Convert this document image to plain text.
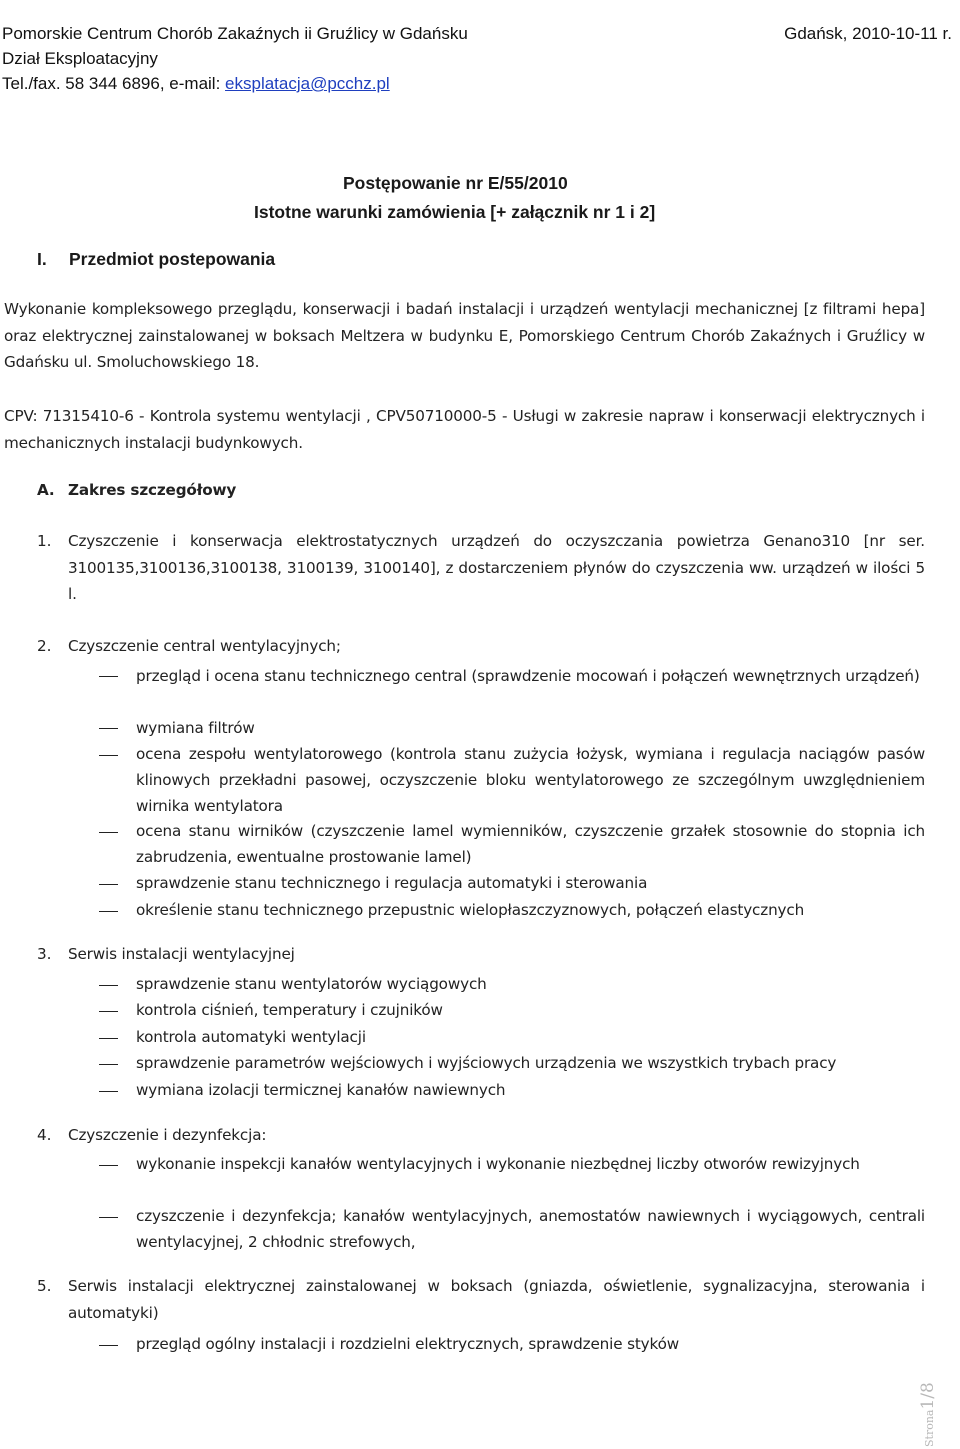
Pomorskie Centrum Chorób Zakaźnych ii Gruźlicy w Gdańsku
Dział Eksploatacyjny
Tel./fax. 58 344 6896, e-mail: eksplatacja@pcchz.pl
Gdańsk, 2010-10-11 r.
Postępowanie nr E/55/2010
Istotne warunki zamówienia [+ załącznik nr 1 i 2]
I. Przedmiot postepowania
Wykonanie kompleksowego przeglądu, konserwacji i badań instalacji i urządzeń wentylacji mechanicznej [z filtrami hepa] oraz elektrycznej zainstalowanej w boksach Meltzera w budynku E, Pomorskiego Centrum Chorób Zakaźnych i Gruźlicy w Gdańsku ul. Smoluchowskiego 18.
CPV: 71315410-6 - Kontrola systemu wentylacji , CPV50710000-5 - Usługi w zakresie napraw i konserwacji elektrycznych i mechanicznych instalacji budynkowych.
A. Zakres szczegółowy
1. Czyszczenie i konserwacja elektrostatycznych urządzeń do oczyszczania powietrza Genano310 [nr ser. 3100135,3100136,3100138, 3100139, 3100140], z dostarczeniem płynów do czyszczenia ww. urządzeń w ilości 5 l.
2. Czyszczenie central wentylacyjnych;
przegląd i ocena stanu technicznego central (sprawdzenie mocowań i połączeń wewnętrznych urządzeń)
wymiana filtrów
ocena zespołu wentylatorowego (kontrola stanu zużycia łożysk, wymiana i regulacja naciągów pasów klinowych przekładni pasowej, oczyszczenie bloku wentylatorowego ze szczególnym uwzględnieniem wirnika wentylatora
ocena stanu wirników (czyszczenie lamel wymienników, czyszczenie grzałek stosownie do stopnia ich zabrudzenia, ewentualne prostowanie lamel)
sprawdzenie stanu technicznego i regulacja automatyki i sterowania
określenie stanu technicznego przepustnic wielopłaszczyznowych, połączeń elastycznych
3. Serwis instalacji wentylacyjnej
sprawdzenie stanu wentylatorów wyciągowych
kontrola ciśnień, temperatury i czujników
kontrola automatyki wentylacji
sprawdzenie parametrów wejściowych i wyjściowych urządzenia we wszystkich trybach pracy
wymiana izolacji termicznej kanałów nawiewnych
4. Czyszczenie i dezynfekcja:
wykonanie inspekcji kanałów wentylacyjnych i wykonanie niezbędnej liczby otworów rewizyjnych
czyszczenie i dezynfekcja; kanałów wentylacyjnych, anemostatów nawiewnych i wyciągowych, centrali wentylacyjnej, 2 chłodnic strefowych,
5. Serwis instalacji elektrycznej zainstalowanej w boksach (gniazda, oświetlenie, sygnalizacyjna, sterowania i automatyki)
przegląd ogólny instalacji i rozdzielni elektrycznych, sprawdzenie styków
Strona1/8
